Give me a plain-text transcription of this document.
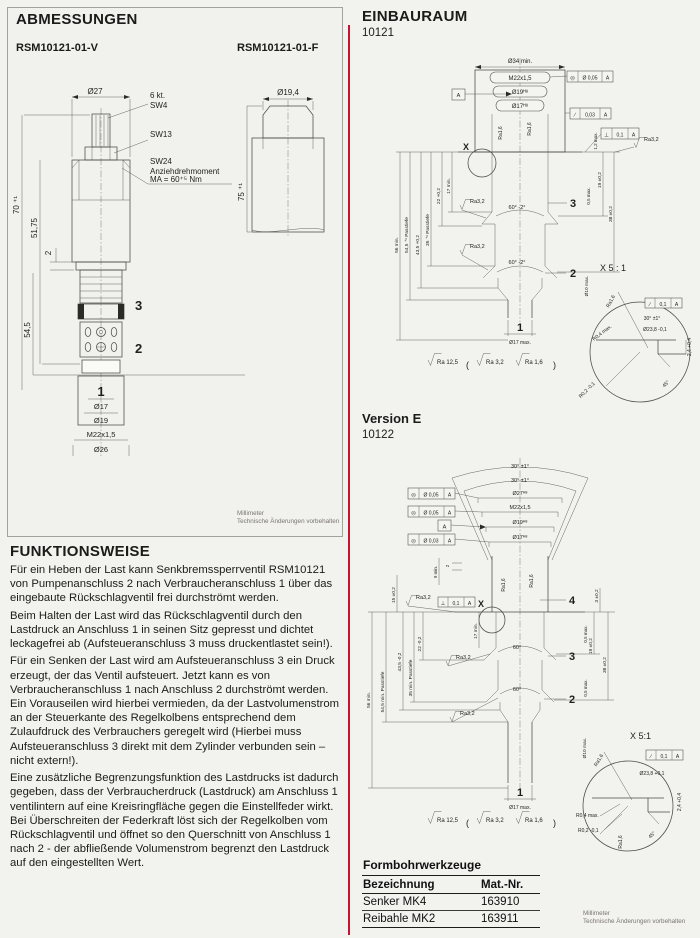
ABMESSUNGEN
RSM10121-01-V	RSM10121-01-F
Ø27	6 kt.
SW4
SW13
SW24
Anziehdrehmoment
MA = 60⁺⁵ Nm
70 ⁺¹
51,75
2
54,5
3
2
1
Ø17
Ø19
M22x1,5
Ø26
Ø19,4
75 ⁺¹
Millimeter
Technische Änderungen vorbehalten
FUNKTIONSWEISE

Für ein Heben der Last kann Senkbremssperrventil RSM10121 von Pumpenanschluss 2 nach Verbraucheranschluss 1 über das eingebaute Rückschlagventil frei durchströmt werden.

Beim Halten der Last wird das Rückschlagventil durch den Lastdruck an Anschluss 1 in seinen Sitz gepresst und dichtet leckagefrei ab (Aufsteueranschluss 3 muss druckentlastet sein!).

Für ein Senken der Last wird am Aufsteueranschluss 3 ein Druck erzeugt, der das Ventil aufsteuert. Jetzt kann es von Verbraucheranschluss 1 nach Anschluss 2 durchströmt werden. Ein Vorauseilen wird hierbei vermieden, da der Lastvolumenstrom an der Steuerkante des Regelkolbens entsprechend dem Zulaufdruck des Verbrauchers geregelt wird (Hierbei muss Aufsteueranschluss 3 direkt mit dem Zylinder verbunden sein – nicht extern!).

Eine zusätzliche Begrenzungsfunktion des Lastdrucks ist dadurch gegeben, dass der Verbraucherdruck (Lastdruck) am Anschluss 1 ventilintern auf eine Kreisringfläche gegen die Einstellfeder wirkt. Bei Überschreiten der Federkraft löst sich der Regelkolben vom Rückschlagventil und öffnet so den Querschnitt von Anschluss 1 nach 2 - der abfließende Volumenstrom begrenzt den Lastdruck auf den eingestellten Wert.

EINBAURAUM
10121
Ø34 min.
M22x1,5
Ø19ᴴ⁸
Ø17ᴴ⁸
A
◎ Ø 0,05 A
∕ 0,03 A
⊥ 0,1 A
X
Ra1,6	Ra1,6
Ra3,2
Ra3,2
Ra3,2
56 min. 54,5 ⁺¹ Passtiefe 43,5 +0,2 35 ⁺¹ Passtiefe
22 +0,2
17 min.
60° -2°
60° -2°
3
2
1
Ø17 max.
1,2 max.
19 ±0,2
0,5 max.
38 ±0,2
Ø10 max.
X 5 : 1
Ra1,6	∕ 0,1 A
30° ±1°
Ø23,8 -0,1
2,4 +0,4
R0,4 max.
R0,2 -0,1	45°
Ra 12,5 (	Ra 3,2	Ra 1,6 )
Version E
10122
30° ±1°
30° ±1°
Ø27ᴴ⁸
M22x1,5
Ø19ᴴ⁸
Ø17ᴴ⁸
◎ Ø 0,05 A
◎ Ø 0,05 A
A
◎ Ø 0,03 A
⊥ 0,1 A X
Ra1,6	Ra1,6
Ra3,2
Ra3,2
Ra3,2
15 ±0,2
9 min. 2
56 min. 54,5 min. Passtiefe
43,5 -0,2 35 min. Passtiefe
22 -0,2
17 min.
60°
60°
4
3
2
1
Ø17 max.
3 ±0,2
0,5 max.
19 ±0,2
38 ±0,2
0,5 max.
Ø10 max.
X 5:1
Ra1,6	∕ 0,1 A
Ø23,8 +0,1
2,4 +0,4
R0,4 max.
R0,2 -0,1	45°
Ra1,6
Ra 12,5 (	Ra 3,2	Ra 1,6 )
Formbohrwerkzeuge
Bezeichnung	Mat.-Nr.
Senker MK4	163910
Reibahle MK2	163911	Millimeter
Technische Änderungen vorbehalten
